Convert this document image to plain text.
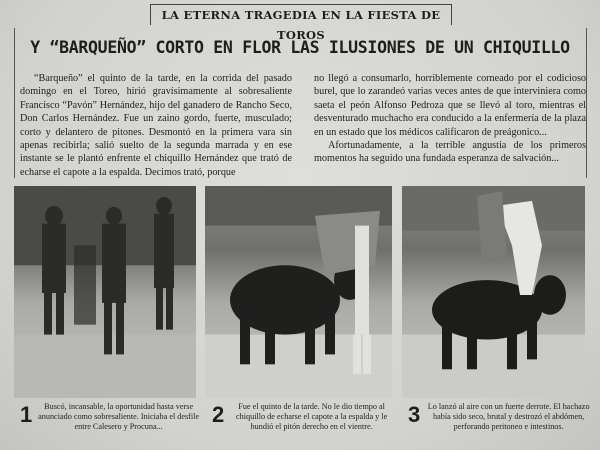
LA ETERNA TRAGEDIA EN LA FIESTA DE TOROS
Y “BARQUEÑO” CORTO EN FLOR LAS ILUSIONES DE UN CHIQUILLO

“Barqueño” el quinto de la tarde, en la corrida del pasado domingo en el Toreo, hirió gravísimamente al sobresaliente Francisco “Pavón” Hernández, hijo del ganadero de Rancho Seco, Don Carlos Hernández. Fue un zaino gordo, fuerte, musculado; corto y delantero de pitones. Desmontó en la primera vara sin apenas recibirla; salió suelto de la segunda marrada y en ese instante se le plantó enfrente el chiquillo Hernández que trató de echarse el capote a la espalda. Decimos trató, porque

no llegó a consumarlo, horriblemente corneado por el codicioso burel, que lo zarandeó varias veces antes de que interviniera como saeta el peón Alfonso Pedroza que se llevó al toro, mientras el desventurado muchacho era conducido a la enfermería de la plaza en un estado que los médicos calificaron de preágonico...

Afortunadamente, a la terrible angustia de los primeros momentos ha seguido una fundada esperanza de salvación...

1	Buscó, incansable, la oportunidad hasta verse anunciado como sobresaliente. Iniciaba el desfile entre Calesero y Procuna...	2	Fue el quinto de la tarde. No le dio tiempo al chiquillo de echarse el capote a la espalda y le hundió el pitón derecho en el vientre.	3 Lo lanzó al aire con un fuerte derrote. El hachazo había sido seco, brutal y destrozó el abdómen, perforando peritoneo e intestinos.
